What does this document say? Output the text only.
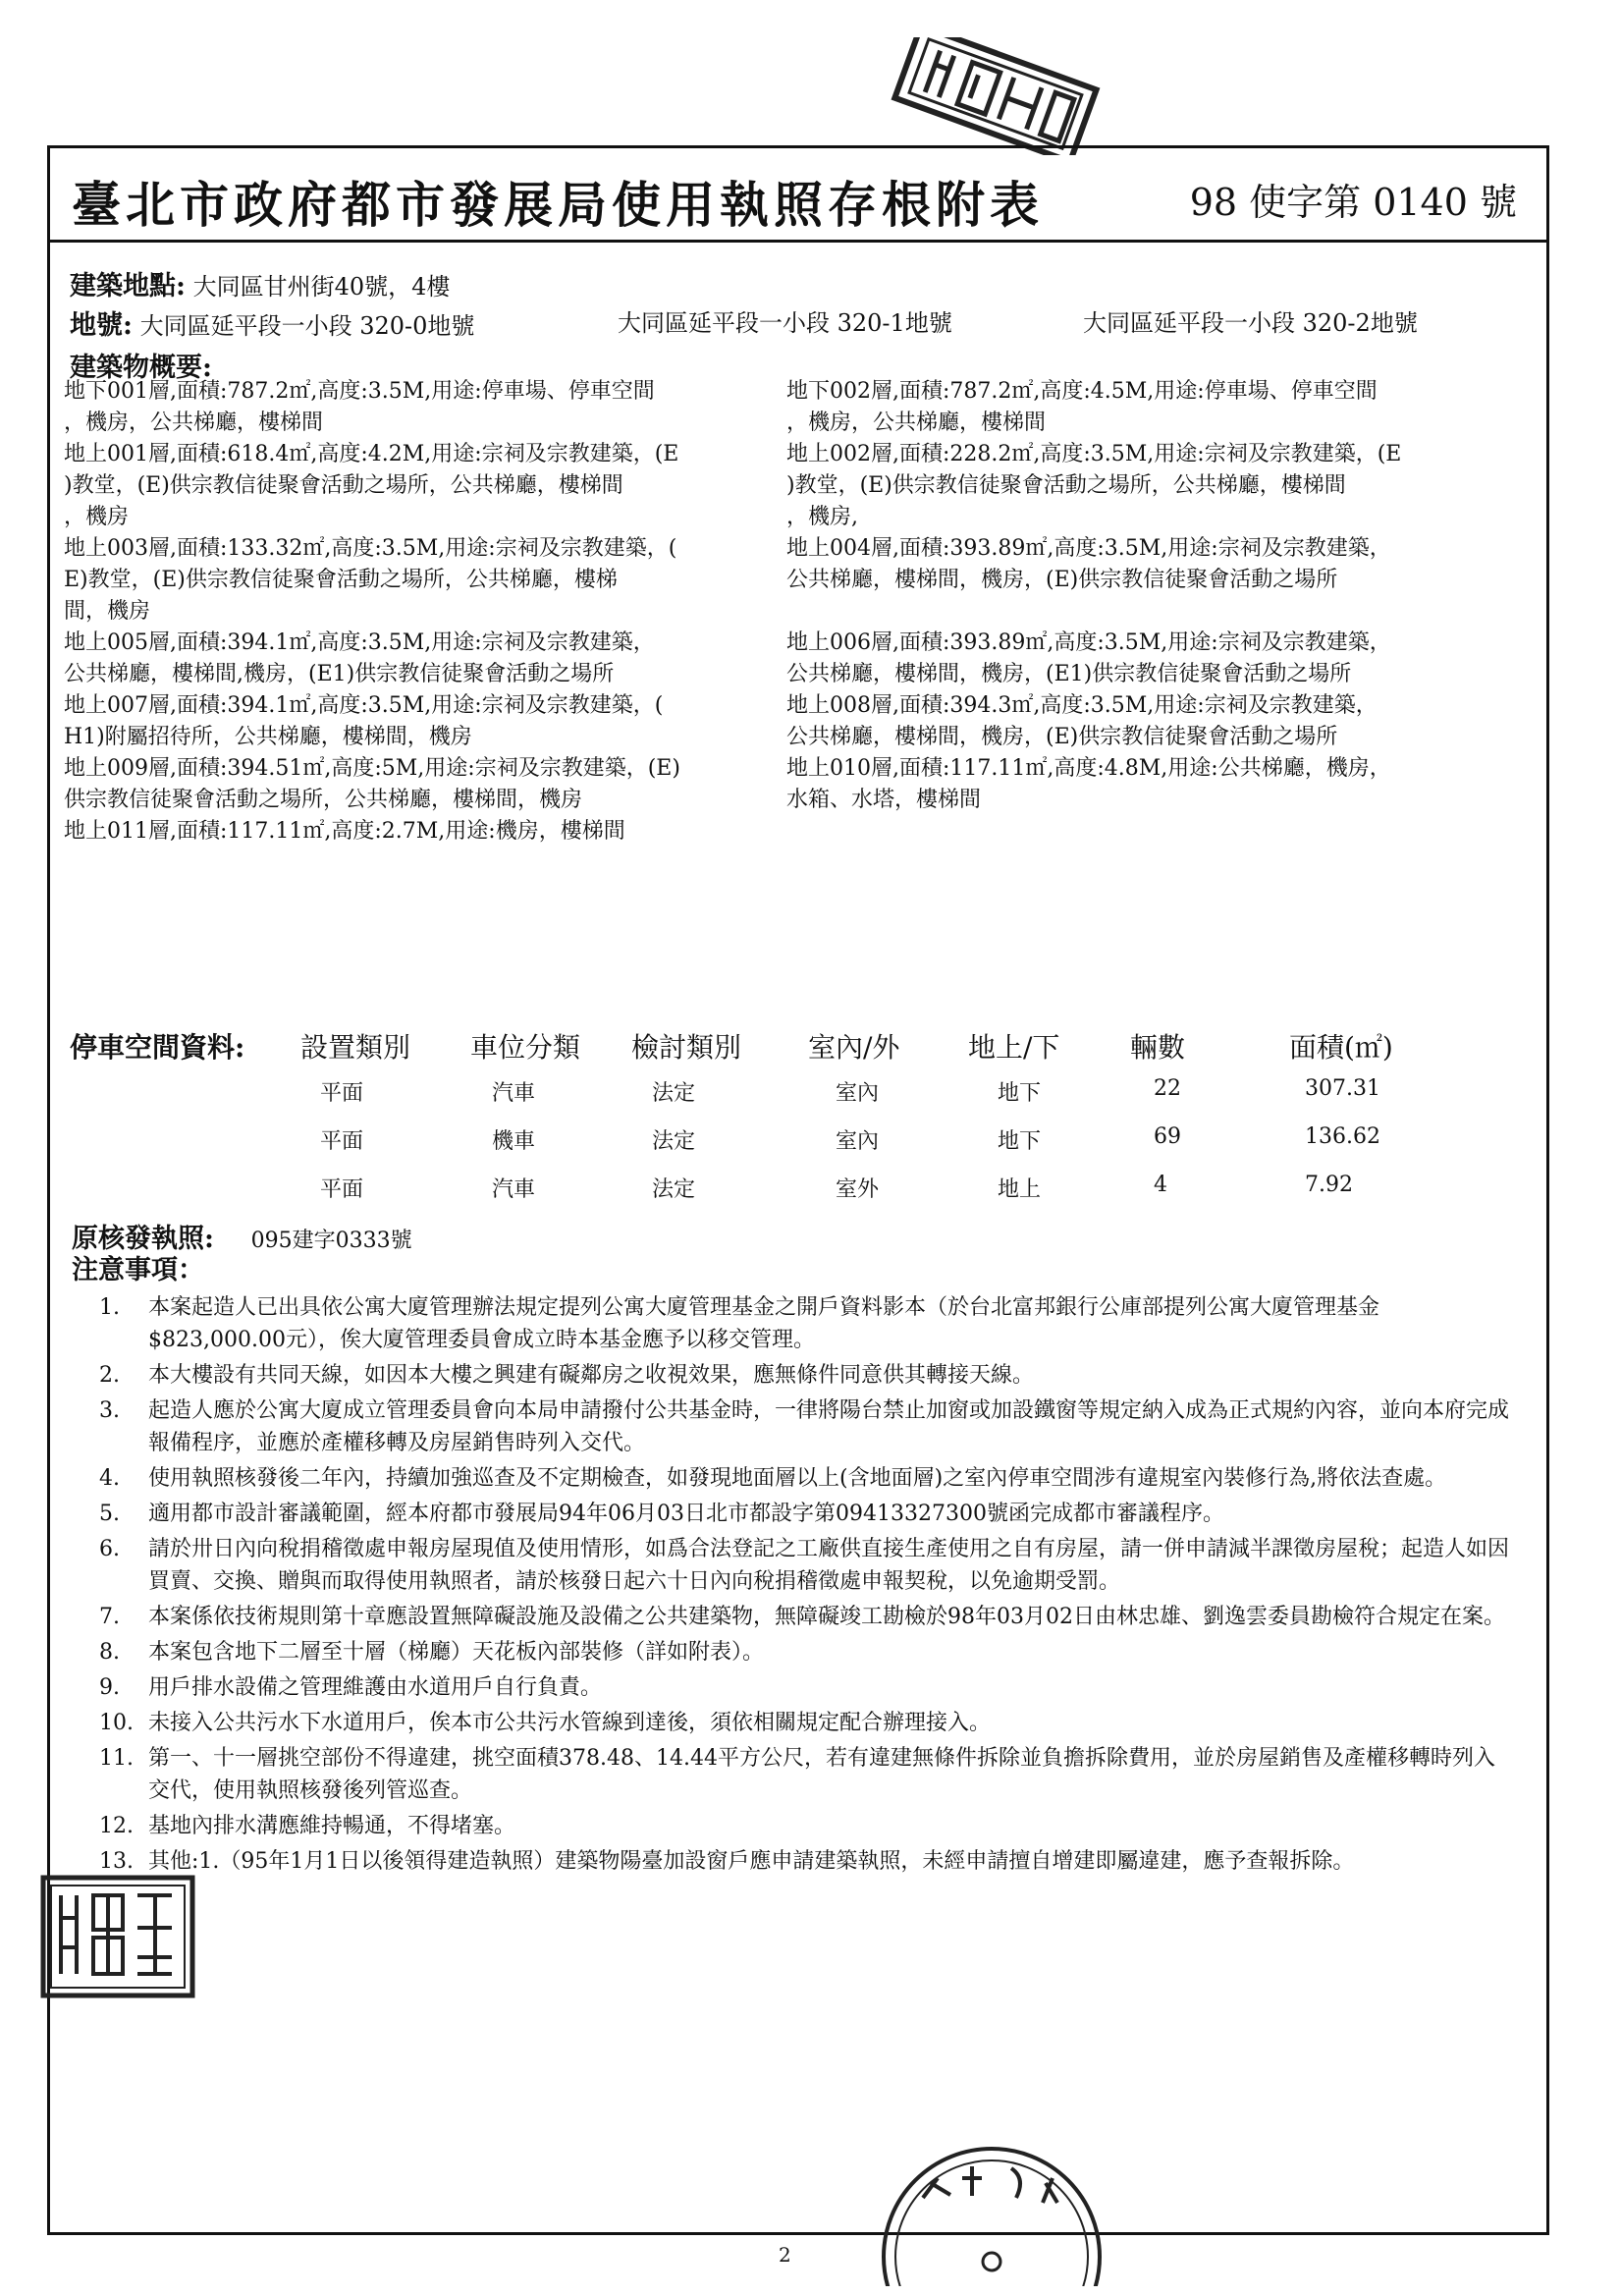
臺北市政府都市發展局使用執照存根附表	98 使字第 0140 號
建築地點: 大同區甘州街40號，4樓
地號: 大同區延平段一小段 320-0地號	大同區延平段一小段 320-1地號	大同區延平段一小段 320-2地號
建築物概要:
地下001層,面積:787.2㎡,高度:3.5M,用途:停車場、停車空間
，機房，公共梯廳，樓梯間
地上001層,面積:618.4㎡,高度:4.2M,用途:宗祠及宗教建築，(E
)教堂，(E)供宗教信徒聚會活動之場所，公共梯廳，樓梯間
，機房
地上003層,面積:133.32㎡,高度:3.5M,用途:宗祠及宗教建築，(
E)教堂，(E)供宗教信徒聚會活動之場所，公共梯廳，樓梯
間，機房
地上005層,面積:394.1㎡,高度:3.5M,用途:宗祠及宗教建築，
公共梯廳，樓梯間,機房，(E1)供宗教信徒聚會活動之場所
地上007層,面積:394.1㎡,高度:3.5M,用途:宗祠及宗教建築，(
H1)附屬招待所，公共梯廳，樓梯間，機房
地上009層,面積:394.51㎡,高度:5M,用途:宗祠及宗教建築，(E)
供宗教信徒聚會活動之場所，公共梯廳，樓梯間，機房
地上011層,面積:117.11㎡,高度:2.7M,用途:機房，樓梯間
地下002層,面積:787.2㎡,高度:4.5M,用途:停車場、停車空間
，機房，公共梯廳，樓梯間
地上002層,面積:228.2㎡,高度:3.5M,用途:宗祠及宗教建築，(E
)教堂，(E)供宗教信徒聚會活動之場所，公共梯廳，樓梯間
，機房,
地上004層,面積:393.89㎡,高度:3.5M,用途:宗祠及宗教建築，
公共梯廳，樓梯間，機房，(E)供宗教信徒聚會活動之場所

地上006層,面積:393.89㎡,高度:3.5M,用途:宗祠及宗教建築，
公共梯廳，樓梯間，機房，(E1)供宗教信徒聚會活動之場所
地上008層,面積:394.3㎡,高度:3.5M,用途:宗祠及宗教建築，
公共梯廳，樓梯間，機房，(E)供宗教信徒聚會活動之場所
地上010層,面積:117.11㎡,高度:4.8M,用途:公共梯廳，機房，
水箱、水塔，樓梯間
停車空間資料: 設置類別 車位分類 檢討類別 室內/外 地上/下	輛數	面積(㎡)
平面	汽車	法定	室內	地下	22	307.31
平面	機車	法定	室內	地下	69	136.62
平面	汽車	法定	室外	地上	4	7.92
原核發執照: 095建字0333號
注意事項：
1. 本案起造人已出具依公寓大廈管理辦法規定提列公寓大廈管理基金之開戶資料影本（於台北富邦銀行公庫部提列公寓大廈管理基金$823,000.00元），俟大廈管理委員會成立時本基金應予以移交管理。
2. 本大樓設有共同天線，如因本大樓之興建有礙鄰房之收視效果，應無條件同意供其轉接天線。
3. 起造人應於公寓大廈成立管理委員會向本局申請撥付公共基金時，一律將陽台禁止加窗或加設鐵窗等規定納入成為正式規約內容，並向本府完成報備程序，並應於產權移轉及房屋銷售時列入交代。
4. 使用執照核發後二年內，持續加強巡查及不定期檢查，如發現地面層以上(含地面層)之室內停車空間涉有違規室內裝修行為,將依法查處。
5. 適用都市設計審議範圍，經本府都市發展局94年06月03日北市都設字第09413327300號函完成都市審議程序。
6. 請於卅日內向稅捐稽徵處申報房屋現值及使用情形，如爲合法登記之工廠供直接生產使用之自有房屋，請一併申請減半課徵房屋稅；起造人如因買賣、交換、贈與而取得使用執照者，請於核發日起六十日內向稅捐稽徵處申報契稅，以免逾期受罰。
7. 本案係依技術規則第十章應設置無障礙設施及設備之公共建築物，無障礙竣工勘檢於98年03月02日由林忠雄、劉逸雲委員勘檢符合規定在案。
8. 本案包含地下二層至十層（梯廳）天花板內部裝修（詳如附表）。
9. 用戶排水設備之管理維護由水道用戶自行負責。
10. 未接入公共污水下水道用戶，俟本市公共污水管線到達後，須依相關規定配合辦理接入。
11. 第一、十一層挑空部份不得違建，挑空面積378.48、14.44平方公尺，若有違建無條件拆除並負擔拆除費用，並於房屋銷售及產權移轉時列入交代，使用執照核發後列管巡查。
12. 基地內排水溝應維持暢通，不得堵塞。
13. 其他:1.（95年1月1日以後領得建造執照）建築物陽臺加設窗戶應申請建築執照，未經申請擅自增建即屬違建，應予查報拆除。
2
